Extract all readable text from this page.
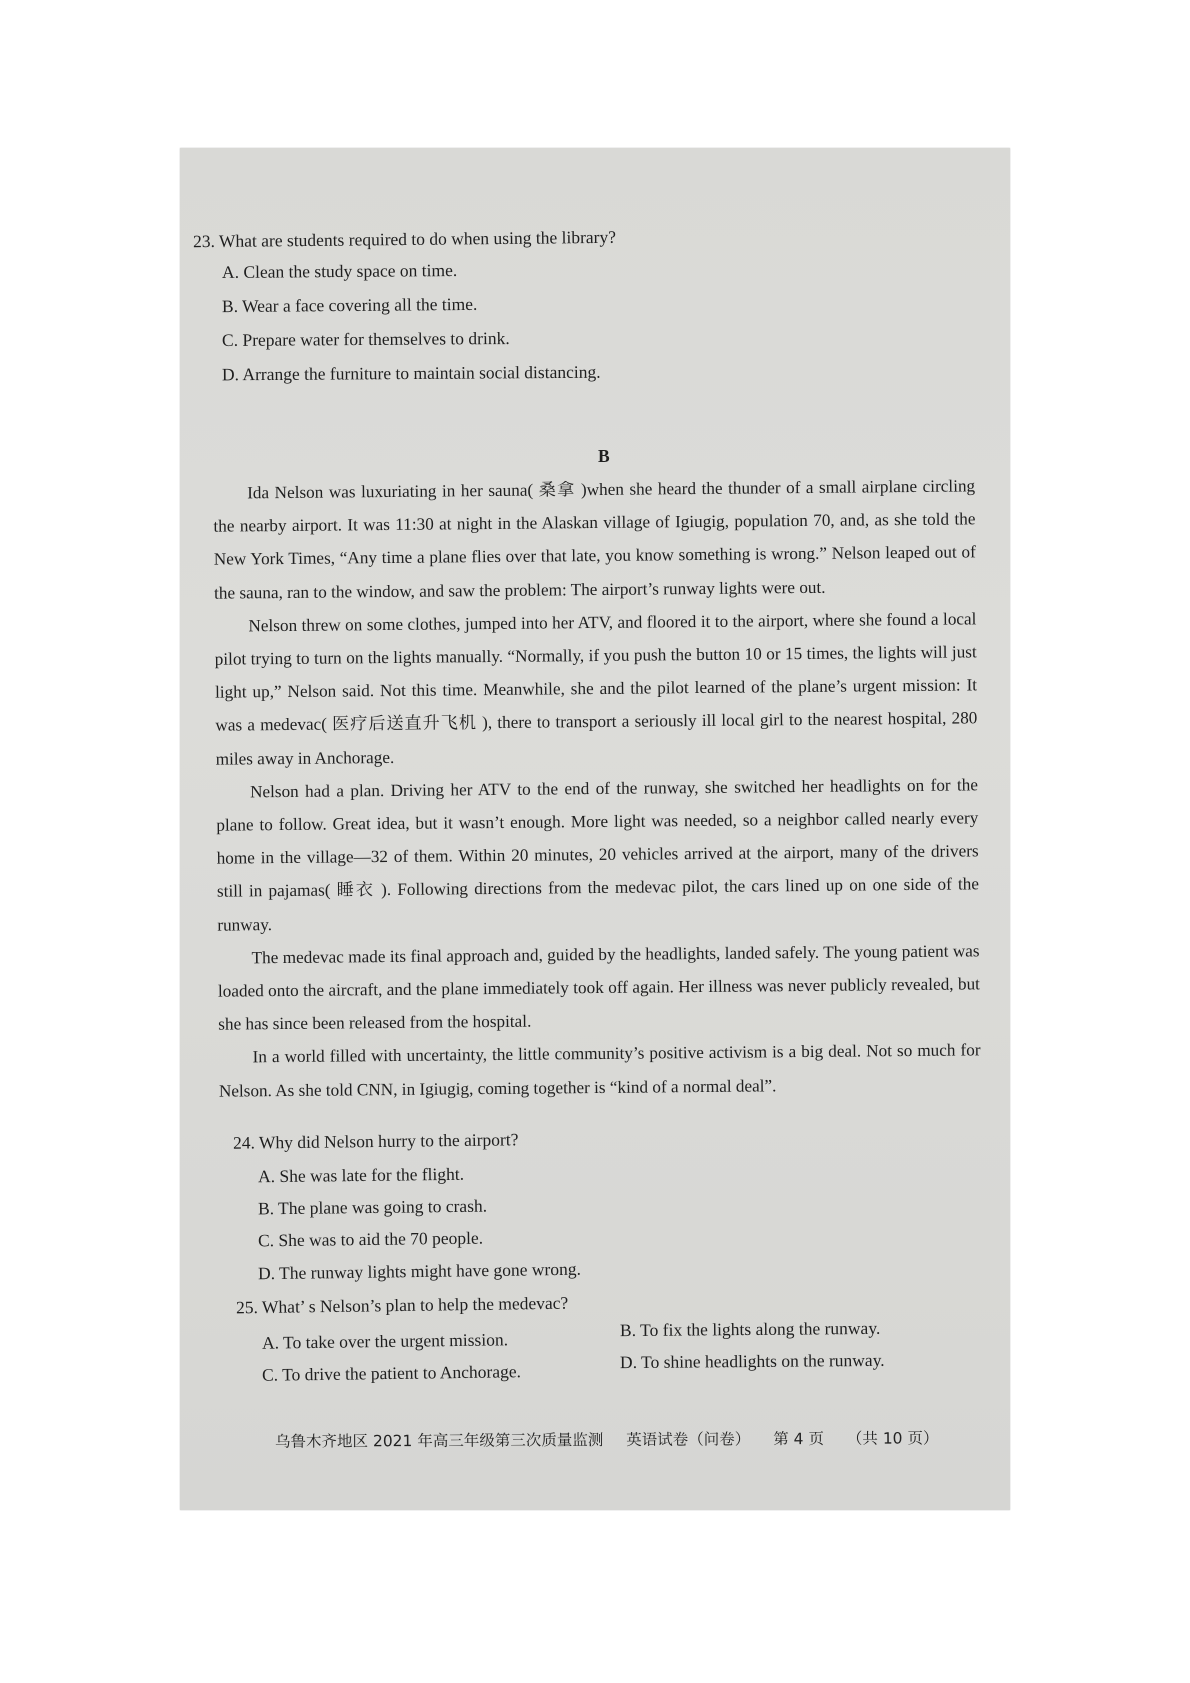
23. What are students required to do when using the library?
A. Clean the study space on time.
B. Wear a face covering all the time.
C. Prepare water for themselves to drink.
D. Arrange the furniture to maintain social distancing.
B

Ida Nelson was luxuriating in her sauna( 桑拿 )when she heard the thunder of a small airplane circling the nearby airport. It was 11:30 at night in the Alaskan village of Igiugig, population 70, and, as she told the New York Times, “Any time a plane flies over that late, you know something is wrong.” Nelson leaped out of the sauna, ran to the window, and saw the problem: The airport’s runway lights were out.

Nelson threw on some clothes, jumped into her ATV, and floored it to the airport, where she found a local pilot trying to turn on the lights manually. “Normally, if you push the button 10 or 15 times, the lights will just light up,” Nelson said. Not this time. Meanwhile, she and the pilot learned of the plane’s urgent mission: It was a medevac( 医疗后送直升飞机 ), there to transport a seriously ill local girl to the nearest hospital, 280 miles away in Anchorage.

Nelson had a plan. Driving her ATV to the end of the runway, she switched her headlights on for the plane to follow. Great idea, but it wasn’t enough. More light was needed, so a neighbor called nearly every home in the village—32 of them. Within 20 minutes, 20 vehicles arrived at the airport, many of the drivers still in pajamas( 睡衣 ). Following directions from the medevac pilot, the cars lined up on one side of the runway.

The medevac made its final approach and, guided by the headlights, landed safely. The young patient was loaded onto the aircraft, and the plane immediately took off again. Her illness was never publicly revealed, but she has since been released from the hospital.

In a world filled with uncertainty, the little community’s positive activism is a big deal. Not so much for Nelson. As she told CNN, in Igiugig, coming together is “kind of a normal deal”.

24. Why did Nelson hurry to the airport?
A. She was late for the flight.
B. The plane was going to crash.
C. She was to aid the 70 people.
D. The runway lights might have gone wrong.
25. What’ s Nelson’s plan to help the medevac?
A. To take over the urgent mission.
B. To fix the lights along the runway.
C. To drive the patient to Anchorage.
D. To shine headlights on the runway.
乌鲁木齐地区 2021 年高三年级第三次质量监测 英语试卷（问卷） 第 4 页 （共 10 页）
